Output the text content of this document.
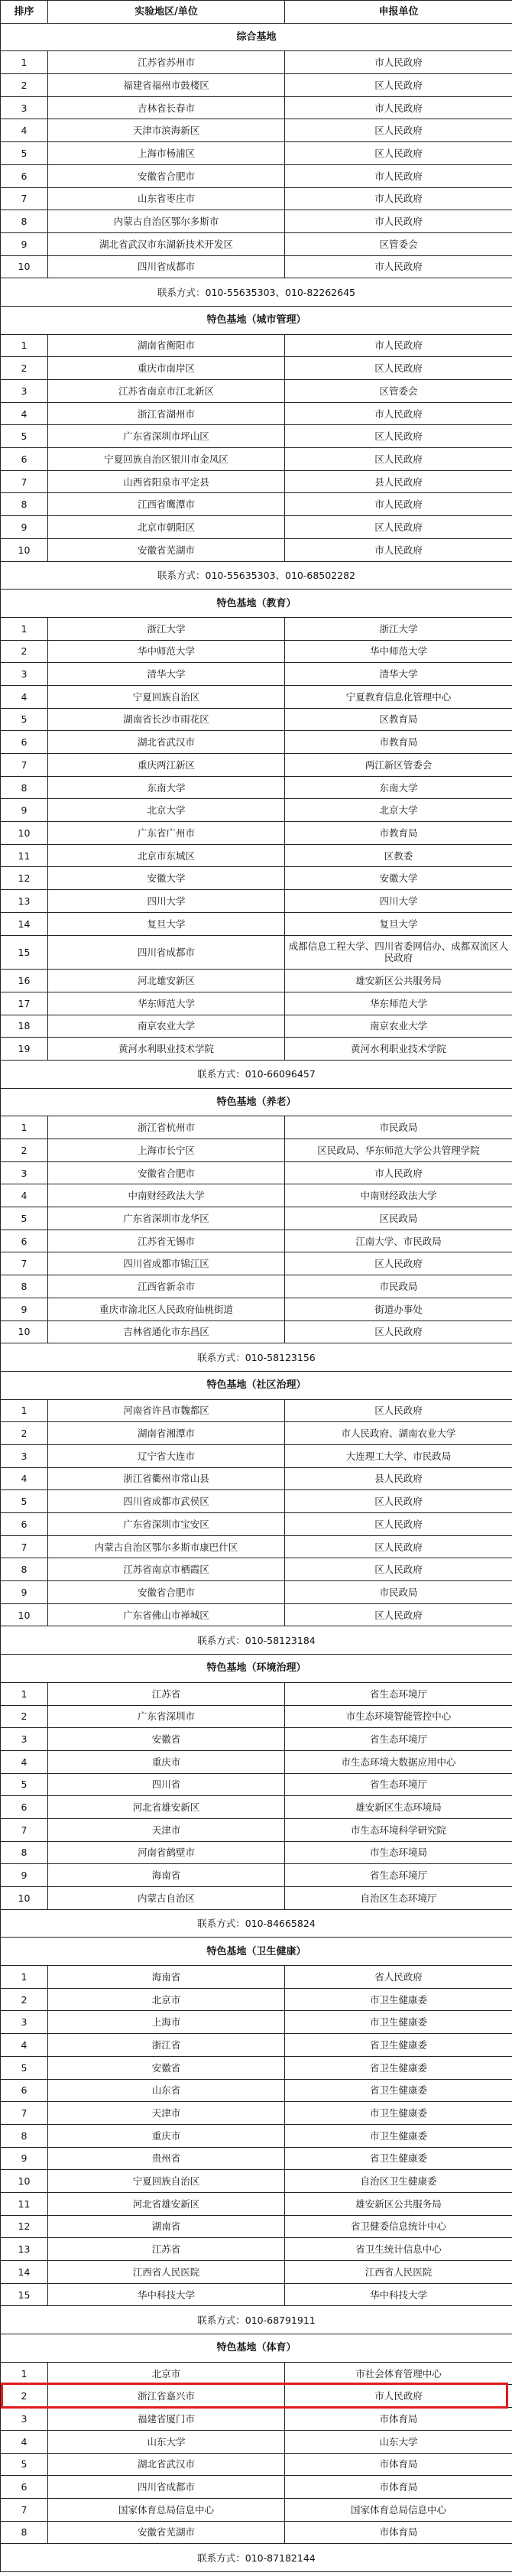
排序	实验地区/单位	申报单位
综合基地		
1	江苏省苏州市	市人民政府
2	福建省福州市鼓楼区	区人民政府
3	吉林省长春市	市人民政府
4	天津市滨海新区	区人民政府
5	上海市杨浦区	区人民政府
6	安徽省合肥市	市人民政府
7	山东省枣庄市	市人民政府
8	内蒙古自治区鄂尔多斯市	市人民政府
9	湖北省武汉市东湖新技术开发区	区管委会
10	四川省成都市	市人民政府
联系方式：010-55635303、010-82262645		
特色基地（城市管理）		
1	湖南省衡阳市	市人民政府
2	重庆市南岸区	区人民政府
3	江苏省南京市江北新区	区管委会
4	浙江省湖州市	市人民政府
5	广东省深圳市坪山区	区人民政府
6	宁夏回族自治区银川市金凤区	区人民政府
7	山西省阳泉市平定县	县人民政府
8	江西省鹰潭市	市人民政府
9	北京市朝阳区	区人民政府
10	安徽省芜湖市	市人民政府
联系方式：010-55635303、010-68502282		
特色基地（教育）		
1	浙江大学	浙江大学
2	华中师范大学	华中师范大学
3	清华大学	清华大学
4	宁夏回族自治区	宁夏教育信息化管理中心
5	湖南省长沙市雨花区	区教育局
6	湖北省武汉市	市教育局
7	重庆两江新区	两江新区管委会
8	东南大学	东南大学
9	北京大学	北京大学
10	广东省广州市	市教育局
11	北京市东城区	区教委
12	安徽大学	安徽大学
13	四川大学	四川大学
14	复旦大学	复旦大学
15	四川省成都市	成都信息工程大学、四川省委网信办、成都双流区人民政府
16	河北雄安新区	雄安新区公共服务局
17	华东师范大学	华东师范大学
18	南京农业大学	南京农业大学
19	黄河水利职业技术学院	黄河水利职业技术学院
联系方式：010-66096457		
特色基地（养老）		
1	浙江省杭州市	市民政局
2	上海市长宁区	区民政局、华东师范大学公共管理学院
3	安徽省合肥市	市人民政府
4	中南财经政法大学	中南财经政法大学
5	广东省深圳市龙华区	区民政局
6	江苏省无锡市	江南大学、市民政局
7	四川省成都市锦江区	区人民政府
8	江西省新余市	市民政局
9	重庆市渝北区人民政府仙桃街道	街道办事处
10	吉林省通化市东昌区	区人民政府
联系方式：010-58123156		
特色基地（社区治理）		
1	河南省许昌市魏都区	区人民政府
2	湖南省湘潭市	市人民政府、湖南农业大学
3	辽宁省大连市	大连理工大学、市民政局
4	浙江省衢州市常山县	县人民政府
5	四川省成都市武侯区	区人民政府
6	广东省深圳市宝安区	区人民政府
7	内蒙古自治区鄂尔多斯市康巴什区	区人民政府
8	江苏省南京市栖霞区	区人民政府
9	安徽省合肥市	市民政局
10	广东省佛山市禅城区	区人民政府
联系方式：010-58123184		
特色基地（环境治理）		
1	江苏省	省生态环境厅
2	广东省深圳市	市生态环境智能管控中心
3	安徽省	省生态环境厅
4	重庆市	市生态环境大数据应用中心
5	四川省	省生态环境厅
6	河北省雄安新区	雄安新区生态环境局
7	天津市	市生态环境科学研究院
8	河南省鹤壁市	市生态环境局
9	海南省	省生态环境厅
10	内蒙古自治区	自治区生态环境厅
联系方式：010-84665824		
特色基地（卫生健康）		
1	海南省	省人民政府
2	北京市	市卫生健康委
3	上海市	市卫生健康委
4	浙江省	省卫生健康委
5	安徽省	省卫生健康委
6	山东省	省卫生健康委
7	天津市	市卫生健康委
8	重庆市	市卫生健康委
9	贵州省	省卫生健康委
10	宁夏回族自治区	自治区卫生健康委
11	河北省雄安新区	雄安新区公共服务局
12	湖南省	省卫健委信息统计中心
13	江苏省	省卫生统计信息中心
14	江西省人民医院	江西省人民医院
15	华中科技大学	华中科技大学
联系方式：010-68791911		
特色基地（体育）		
1	北京市	市社会体育管理中心
2	浙江省嘉兴市	市人民政府
3	福建省厦门市	市体育局
4	山东大学	山东大学
5	湖北省武汉市	市体育局
6	四川省成都市	市体育局
7	国家体育总局信息中心	国家体育总局信息中心
8	安徽省芜湖市	市体育局
联系方式：010-87182144		
